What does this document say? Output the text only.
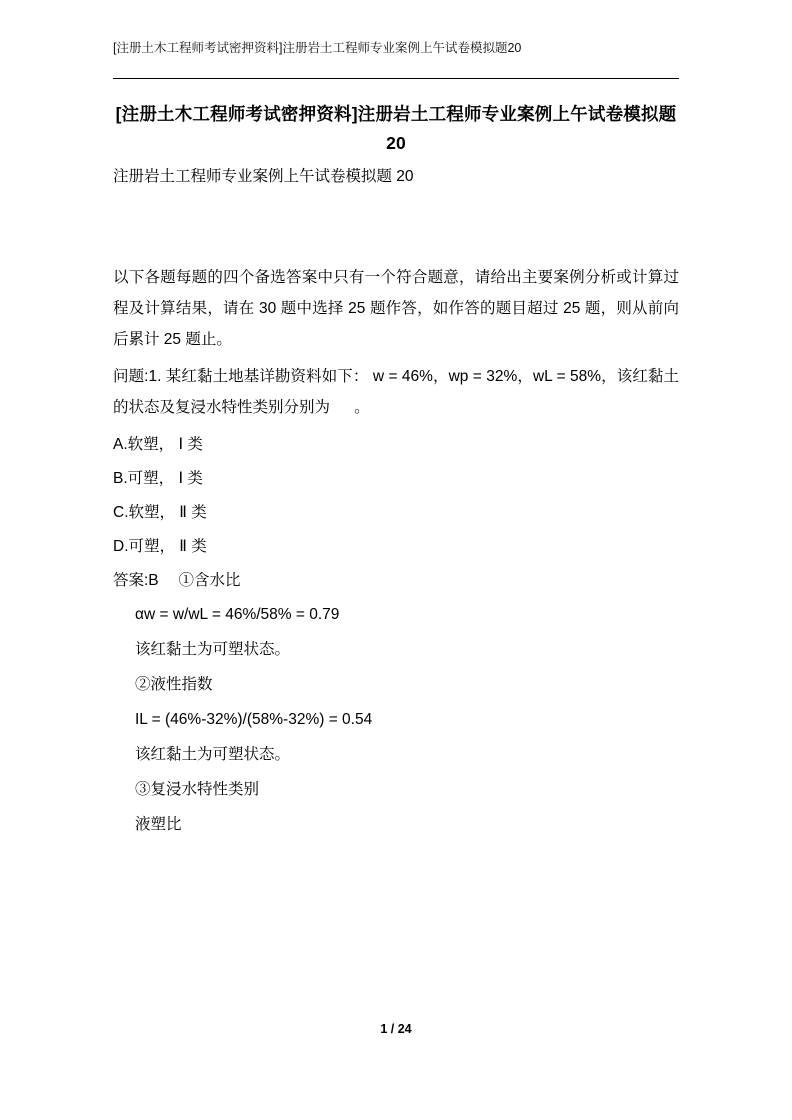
[注册土木工程师考试密押资料]注册岩土工程师专业案例上午试卷模拟题20
[注册土木工程师考试密押资料]注册岩土工程师专业案例上午试卷模拟题20

注册岩土工程师专业案例上午试卷模拟题 20

以下各题每题的四个备选答案中只有一个符合题意，请给出主要案例分析或计算过程及计算结果，请在 30 题中选择 25 题作答，如作答的题目超过 25 题，则从前向后累计 25 题止。

问题:1. 某红黏土地基详勘资料如下： w = 46%，wp = 32%，wL = 58%，该红黏土的状态及复浸水特性类别分别为 　 。

A.软塑， Ⅰ 类

B.可塑， Ⅰ 类

C.软塑， Ⅱ 类

D.可塑， Ⅱ 类

答案:B 　①含水比

αw = w/wL = 46%/58% = 0.79

该红黏土为可塑状态。

②液性指数

IL = (46%-32%)/(58%-32%) = 0.54

该红黏土为可塑状态。

③复浸水特性类别

液塑比

1 / 24
